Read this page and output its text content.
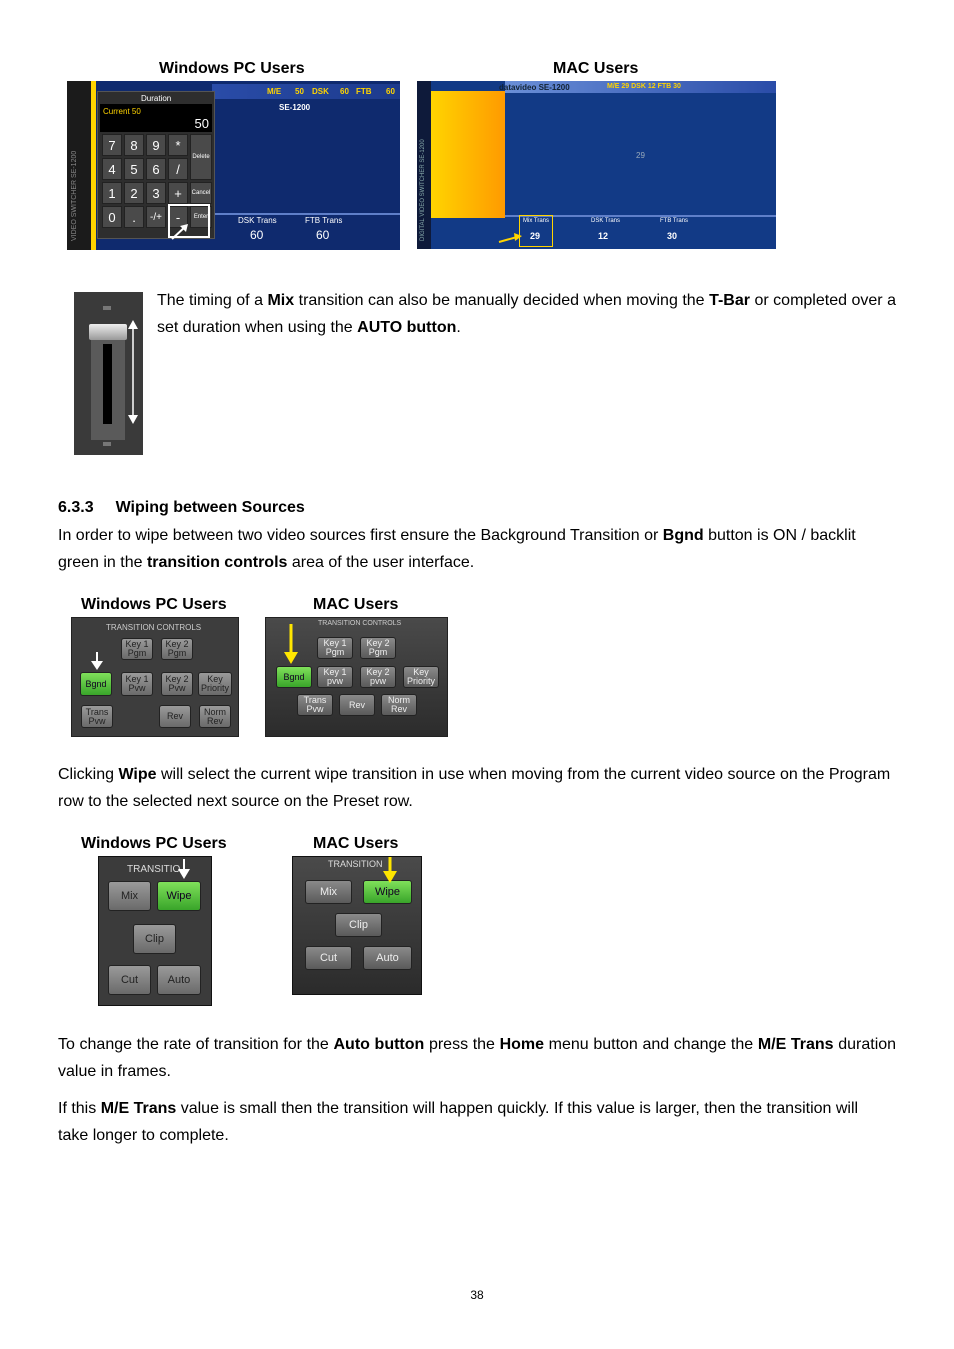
Windows PC Users	MAC Users
VIDEO SWITCHER SE-1200
M/E 50 DSK 60 FTB 60
SE-1200
DSK Trans	FTB Trans
60	60
Duration
Current 50
50
7	8	9	*
Delete
4	5	6	/
1	2	3	+	Cancel
0	.	-/+	-	Enter	DIGITAL VIDEO SWITCHER SE-1200
datavideo SE-1200	M/E 29 DSK 12 FTB 30
29
Mix Trans	DSK Trans	FTB Trans
29	12	30

The timing of a Mix transition can also be manually decided when moving the T-Bar or completed over a set duration when using the AUTO button.

6.3.3 Wiping between Sources

In order to wipe between two video sources first ensure the Background Transition or Bgnd button is ON / backlit green in the transition controls area of the user interface.

Windows PC Users	MAC Users
TRANSITION CONTROLS
Key 1 Pgm
Key 2 Pgm
Bgnd	Key 1 Pvw
Key 2 Pvw
Key Priority
Trans Pvw	Rev	Norm Rev
TRANSITION CONTROLS
Key 1 Pgm
Key 2 Pgm
Bgnd	Key 1 pvw
Key 2 pvw
Key Priority
Trans Pvw	Rev	Norm Rev

Clicking Wipe will select the current wipe transition in use when moving from the current video source on the Program row to the selected next source on the Preset row.

Windows PC Users	MAC Users
TRANSITIO
Mix	Wipe
Clip
Cut	Auto
TRANSITION
Mix	Wipe
Clip
Cut	Auto

To change the rate of transition for the Auto button press the Home menu button and change the M/E Trans duration value in frames.

If this M/E Trans value is small then the transition will happen quickly. If this value is larger, then the transition will take longer to complete.

38
